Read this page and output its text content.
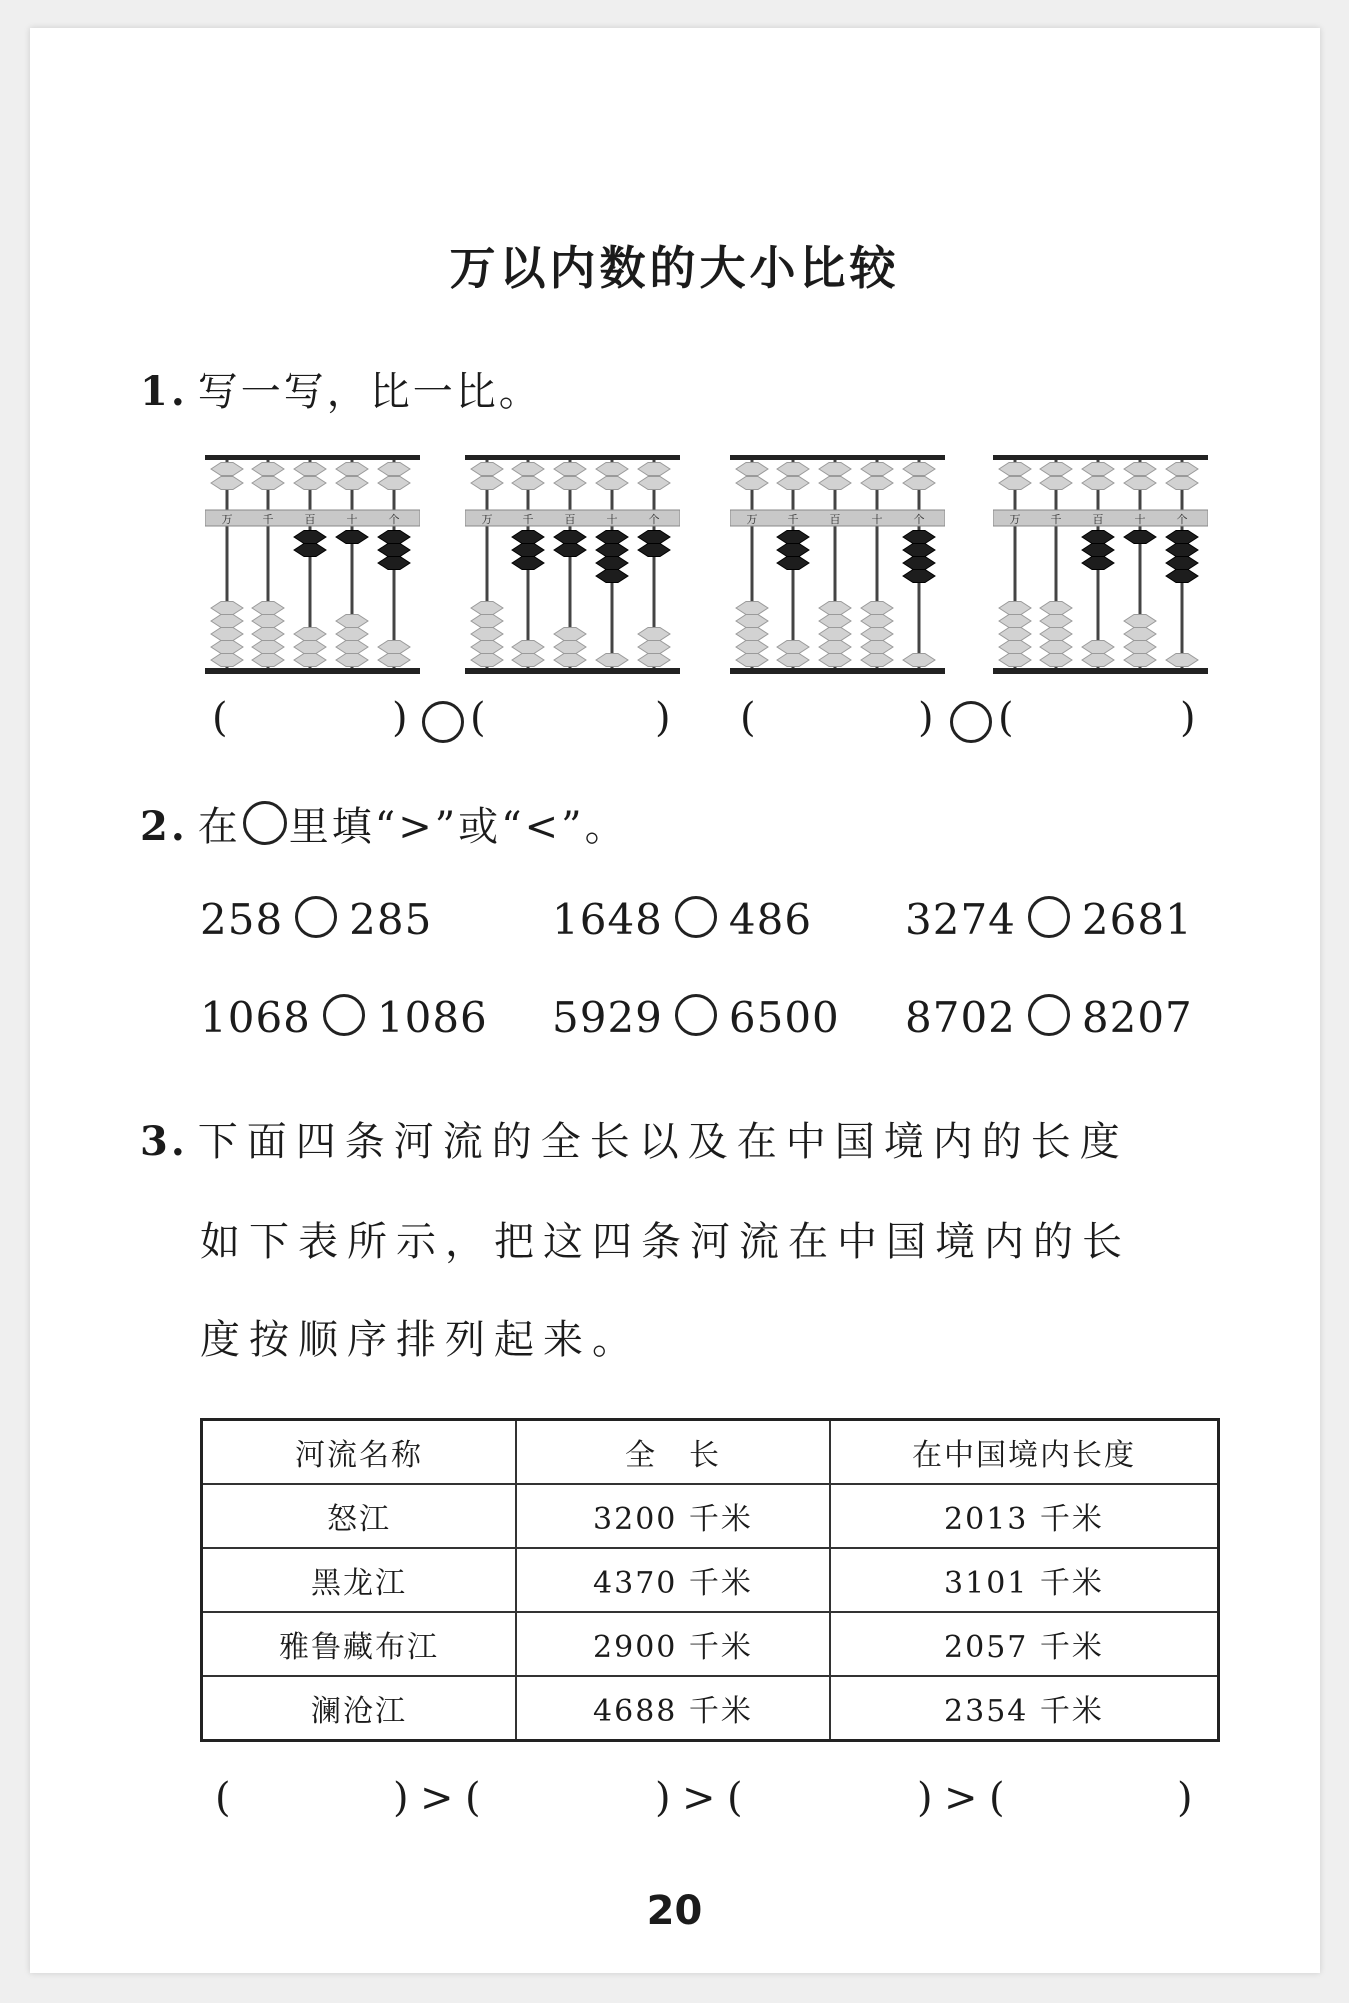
万以内数的大小比较
1. 写一写，比一比。
万	千	百	十	个	万	千	百	十	个	万	千	百	十	个	万	千	百	十	个
(	) (	) (	) (	)
2. 在 里填“>”或“<”。
258 285	1648 486 3274 2681
1068 1086 5929 6500 8702 8207
3. 下面四条河流的全长以及在中国境内的长度
如下表所示，把这四条河流在中国境内的长
度按顺序排列起来。
河流名称	全　长	在中国境内长度
怒江	3200 千米	2013 千米
黑龙江	4370 千米	3101 千米
雅鲁藏布江	2900 千米	2057 千米
澜沧江	4688 千米	2354 千米
(	) > (	) > (	) > (	)
20
